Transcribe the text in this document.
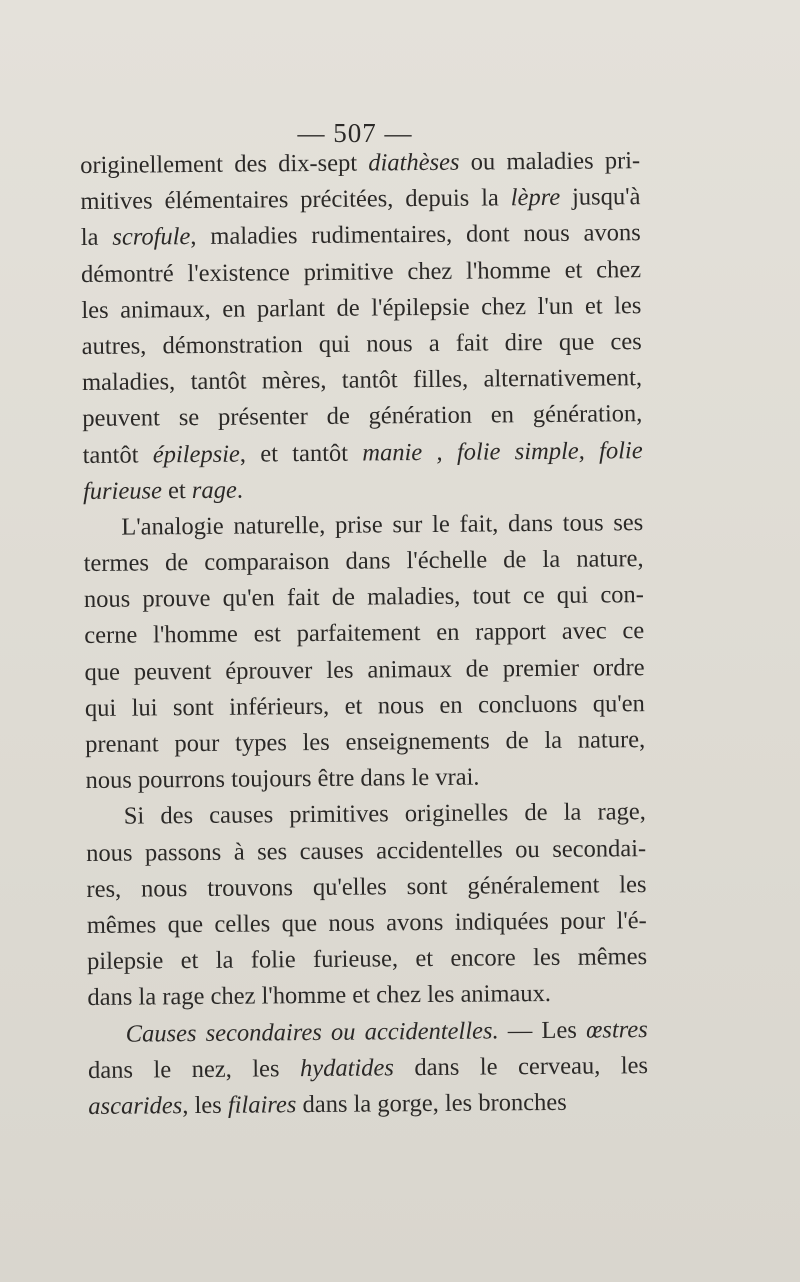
— 507 —
originellement des dix-sept diathèses ou maladies pri-
mitives élémentaires précitées, depuis la lèpre jusqu'à
la scrofule, maladies rudimentaires, dont nous avons
démontré l'existence primitive chez l'homme et chez
les animaux, en parlant de l'épilepsie chez l'un et les
autres, démonstration qui nous a fait dire que ces
maladies, tantôt mères, tantôt filles, alternativement,
peuvent se présenter de génération en génération,
tantôt épilepsie, et tantôt manie , folie simple, folie
furieuse et rage.
L'analogie naturelle, prise sur le fait, dans tous ses
termes de comparaison dans l'échelle de la nature,
nous prouve qu'en fait de maladies, tout ce qui con-
cerne l'homme est parfaitement en rapport avec ce
que peuvent éprouver les animaux de premier ordre
qui lui sont inférieurs, et nous en concluons qu'en
prenant pour types les enseignements de la nature,
nous pourrons toujours être dans le vrai.
Si des causes primitives originelles de la rage,
nous passons à ses causes accidentelles ou secondai-
res, nous trouvons qu'elles sont généralement les
mêmes que celles que nous avons indiquées pour l'é-
pilepsie et la folie furieuse, et encore les mêmes
dans la rage chez l'homme et chez les animaux.
Causes secondaires ou accidentelles. — Les œstres
dans le nez, les hydatides dans le cerveau, les
ascarides, les filaires dans la gorge, les bronches
